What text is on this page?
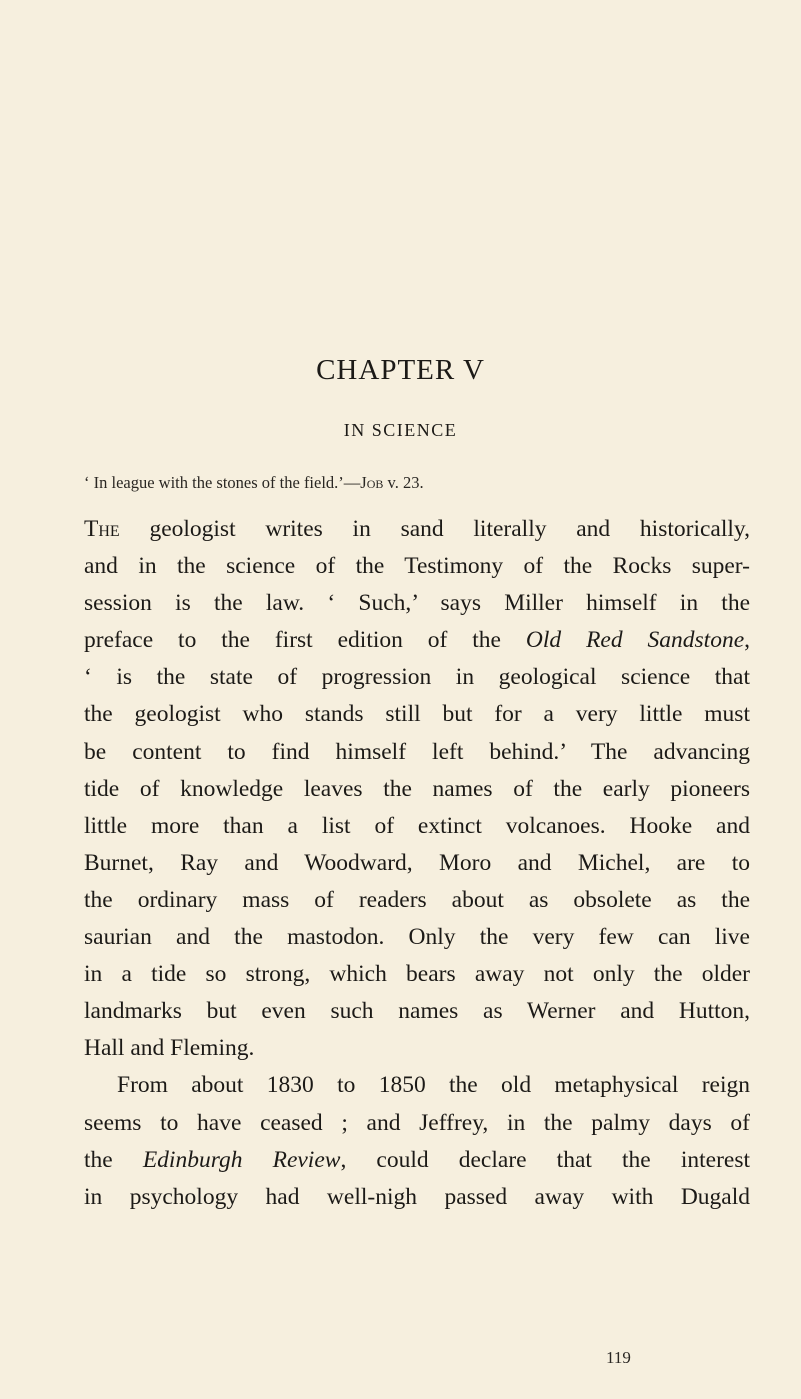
CHAPTER V
IN SCIENCE
‘ In league with the stones of the field.’—Job v. 23.
The geologist writes in sand literally and historically,
and in the science of the Testimony of the Rocks super-
session is the law. ‘ Such,’ says Miller himself in the
preface to the first edition of the Old Red Sandstone,
‘ is the state of progression in geological science that
the geologist who stands still but for a very little must
be content to find himself left behind.’ The advancing
tide of knowledge leaves the names of the early pioneers
little more than a list of extinct volcanoes. Hooke and
Burnet, Ray and Woodward, Moro and Michel, are to
the ordinary mass of readers about as obsolete as the
saurian and the mastodon. Only the very few can live
in a tide so strong, which bears away not only the older
landmarks but even such names as Werner and Hutton,
Hall and Fleming.
From about 1830 to 1850 the old metaphysical reign
seems to have ceased ; and Jeffrey, in the palmy days of
the Edinburgh Review, could declare that the interest
in psychology had well-nigh passed away with Dugald
119
